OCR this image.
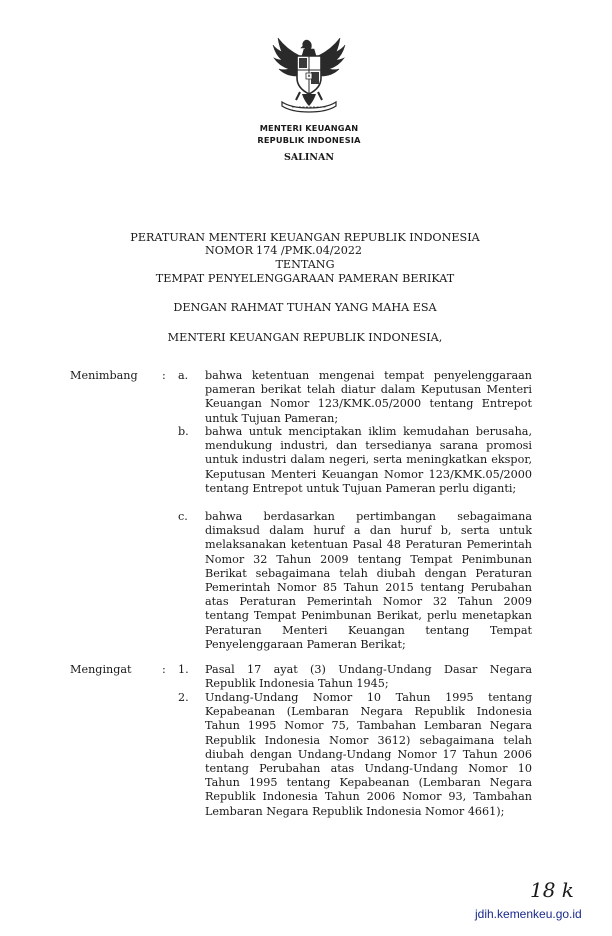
MENTERI KEUANGAN
REPUBLIK INDONESIA
SALINAN
PERATURAN MENTERI KEUANGAN REPUBLIK INDONESIA
NOMOR 174 /PMK.04/2022
TENTANG
TEMPAT PENYELENGGARAAN PAMERAN BERIKAT
DENGAN RAHMAT TUHAN YANG MAHA ESA
MENTERI KEUANGAN REPUBLIK INDONESIA,
Menimbang : a. bahwa ketentuan mengenai tempat penyelenggaraan pameran berikat telah diatur dalam Keputusan Menteri Keuangan Nomor 123/KMK.05/2000 tentang Entrepot untuk Tujuan Pameran;
b. bahwa untuk menciptakan iklim kemudahan berusaha, mendukung industri, dan tersedianya sarana promosi untuk industri dalam negeri, serta meningkatkan ekspor, Keputusan Menteri Keuangan Nomor 123/KMK.05/2000 tentang Entrepot untuk Tujuan Pameran perlu diganti;
c. bahwa berdasarkan pertimbangan sebagaimana dimaksud dalam huruf a dan huruf b, serta untuk melaksanakan ketentuan Pasal 48 Peraturan Pemerintah Nomor 32 Tahun 2009 tentang Tempat Penimbunan Berikat sebagaimana telah diubah dengan Peraturan Pemerintah Nomor 85 Tahun 2015 tentang Perubahan atas Peraturan Pemerintah Nomor 32 Tahun 2009 tentang Tempat Penimbunan Berikat, perlu menetapkan Peraturan Menteri Keuangan tentang Tempat Penyelenggaraan Pameran Berikat;
Mengingat	: 1. Pasal 17 ayat (3) Undang-Undang Dasar Negara Republik Indonesia Tahun 1945;
2. Undang-Undang Nomor 10 Tahun 1995 tentang Kepabeanan (Lembaran Negara Republik Indonesia Tahun 1995 Nomor 75, Tambahan Lembaran Negara Republik Indonesia Nomor 3612) sebagaimana telah diubah dengan Undang-Undang Nomor 17 Tahun 2006 tentang Perubahan atas Undang-Undang Nomor 10 Tahun 1995 tentang Kepabeanan (Lembaran Negara Republik Indonesia Tahun 2006 Nomor 93, Tambahan Lembaran Negara Republik Indonesia Nomor 4661);
18 k
jdih.kemenkeu.go.id
